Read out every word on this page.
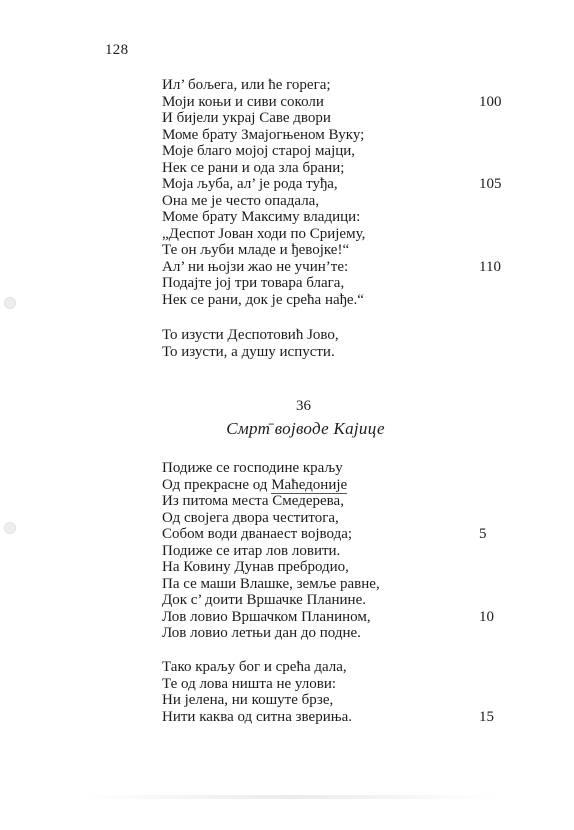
128
Ил’ бољега, или ће горега;
Моји коњи и сиви соколи	100
И бијели украј Саве двори
Моме брату Змајогњеном Вуку;
Моје благо мојој старој мајци,
Нек се рани и ода зла брани;
Моја љуба, ал’ је рода туђа,	105
Она ме је често опадала,
Моме брату Максиму владици:
„Деспот Јован ходи по Сријему,
Те он љуби младе и ђевојке!“
Ал’ ни њојзи жао не учин’те:	110
Подајте јој три товара блага,
Нек се рани, док је срећа нађе.“
То изусти Деспотовић Јово,
То изусти, а душу испусти.
36
Смрт̄ војводе Кајице
Подиже се господине краљу
Од прекрасне од Маћедоније
Из питома места Смедерева,
Од својега двора честитога,
Собом води дванаест војвода;	5
Подиже се итар лов ловити.
На Ковину Дунав пребродио,
Па се маши Влашке, земље равне,
Док с’ доити Вршачке Планине.
Лов ловио Вршачком Планином,	10
Лов ловио летњи дан до подне.
Тако краљу бог и срећа дала,
Те од лова ништа не улови:
Ни јелена, ни кошуте брзе,
Нити каква од ситна звериња.	15
